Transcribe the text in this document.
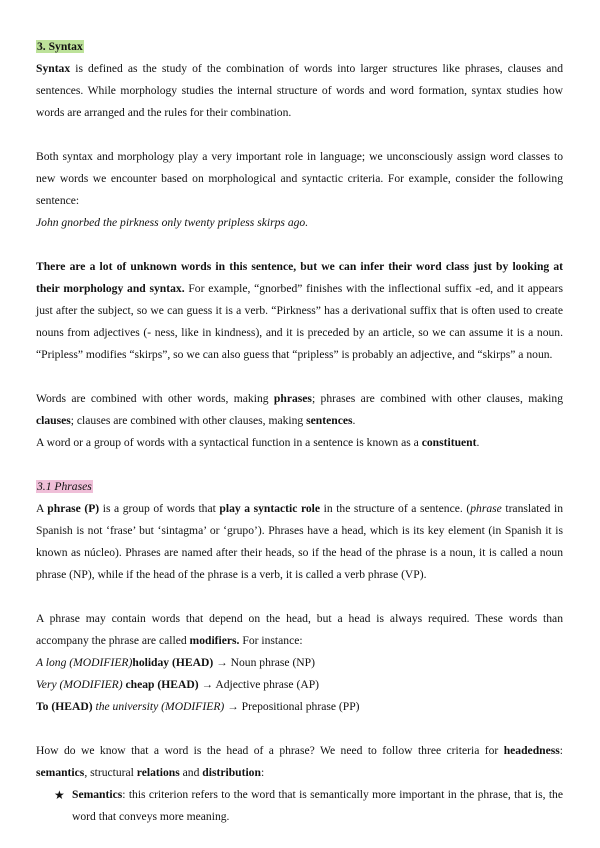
3. Syntax

Syntax is defined as the study of the combination of words into larger structures like phrases, clauses and sentences. While morphology studies the internal structure of words and word formation, syntax studies how words are arranged and the rules for their combination.

Both syntax and morphology play a very important role in language; we unconsciously assign word classes to new words we encounter based on morphological and syntactic criteria. For example, consider the following sentence:

John gnorbed the pirkness only twenty pripless skirps ago.

There are a lot of unknown words in this sentence, but we can infer their word class just by looking at their morphology and syntax. For example, “gnorbed” finishes with the inflectional suffix -ed, and it appears just after the subject, so we can guess it is a verb. “Pirkness” has a derivational suffix that is often used to create nouns from adjectives (- ness, like in kindness), and it is preceded by an article, so we can assume it is a noun. “Pripless” modifies “skirps”, so we can also guess that “pripless” is probably an adjective, and “skirps” a noun.

Words are combined with other words, making phrases; phrases are combined with other clauses, making clauses; clauses are combined with other clauses, making sentences.

A word or a group of words with a syntactical function in a sentence is known as a constituent.

3.1 Phrases

A phrase (P) is a group of words that play a syntactic role in the structure of a sentence. (phrase translated in Spanish is not ‘frase’ but ‘sintagma’ or ‘grupo’). Phrases have a head, which is its key element (in Spanish it is known as núcleo). Phrases are named after their heads, so if the head of the phrase is a noun, it is called a noun phrase (NP), while if the head of the phrase is a verb, it is called a verb phrase (VP).

A phrase may contain words that depend on the head, but a head is always required. These words than accompany the phrase are called modifiers. For instance:

A long (MODIFIER)holiday (HEAD) → Noun phrase (NP)

Very (MODIFIER) cheap (HEAD) → Adjective phrase (AP)

To (HEAD) the university (MODIFIER) → Prepositional phrase (PP)

How do we know that a word is the head of a phrase? We need to follow three criteria for headedness: semantics, structural relations and distribution:

★ Semantics: this criterion refers to the word that is semantically more important in the phrase, that is, the word that conveys more meaning.
